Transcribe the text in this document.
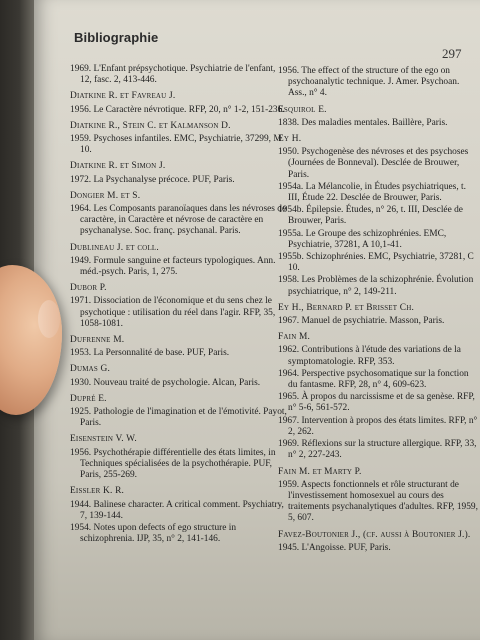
Bibliographie
297
1969. L'Enfant prépsychotique. Psychiatrie de l'enfant, 12, fasc. 2, 413-446.
Diatkine R. et Favreau J.
1956. Le Caractère névrotique. RFP, 20, n° 1-2, 151-236.
Diatkine R., Stein C. et Kalmanson D.
1959. Psychoses infantiles. EMC, Psychiatrie, 37299, M 10.
Diatkine R. et Simon J.
1972. La Psychanalyse précoce. PUF, Paris.
Dongier M. et S.
1964. Les Composants paranoïaques dans les névroses de caractère, in Caractère et névrose de caractère en psychanalyse. Soc. franç. psychanal. Paris.
Dublineau J. et coll.
1949. Formule sanguine et facteurs typologiques. Ann. méd.-psych. Paris, 1, 275.
Dubor P.
1971. Dissociation de l'économique et du sens chez le psychotique : utilisation du réel dans l'agir. RFP, 35, 1058-1081.
Dufrenne M.
1953. La Personnalité de base. PUF, Paris.
Dumas G.
1930. Nouveau traité de psychologie. Alcan, Paris.
Dupré E.
1925. Pathologie de l'imagination et de l'émotivité. Payot, Paris.
Eisenstein V. W.
1956. Psychothérapie différentielle des états limites, in Techniques spécialisées de la psychothérapie. PUF, Paris, 255-269.
Eissler K. R.
1944. Balinese character. A critical comment. Psychiatry, 7, 139-144.
1954. Notes upon defects of ego structure in schizophrenia. IJP, 35, n° 2, 141-146.
1956. The effect of the structure of the ego on psychoanalytic technique. J. Amer. Psychoan. Ass., n° 4.
Esquirol E.
1838. Des maladies mentales. Baillère, Paris.
Ey H.
1950. Psychogenèse des névroses et des psychoses (Journées de Bonneval). Desclée de Brouwer, Paris.
1954a. La Mélancolie, in Études psychiatriques, t. III, Étude 22. Desclée de Brouwer, Paris.
1954b. Épilepsie. Études, n° 26, t. III, Desclée de Brouwer, Paris.
1955a. Le Groupe des schizophrénies. EMC, Psychiatrie, 37281, A 10,1-41.
1955b. Schizophrénies. EMC, Psychiatrie, 37281, C 10.
1958. Les Problèmes de la schizophrénie. Évolution psychiatrique, n° 2, 149-211.
Ey H., Bernard P. et Brisset Ch.
1967. Manuel de psychiatrie. Masson, Paris.
Fain M.
1962. Contributions à l'étude des variations de la symptomatologie. RFP, 353.
1964. Perspective psychosomatique sur la fonction du fantasme. RFP, 28, n° 4, 609-623.
1965. À propos du narcissisme et de sa genèse. RFP, n° 5-6, 561-572.
1967. Intervention à propos des états limites. RFP, n° 2, 262.
1969. Réflexions sur la structure allergique. RFP, 33, n° 2, 227-243.
Fain M. et Marty P.
1959. Aspects fonctionnels et rôle structurant de l'investissement homosexuel au cours des traitements psychanalytiques d'adultes. RFP, 1959, 5, 607.
Favez-Boutonier J., (cf. aussi à Boutonier J.).
1945. L'Angoisse. PUF, Paris.
